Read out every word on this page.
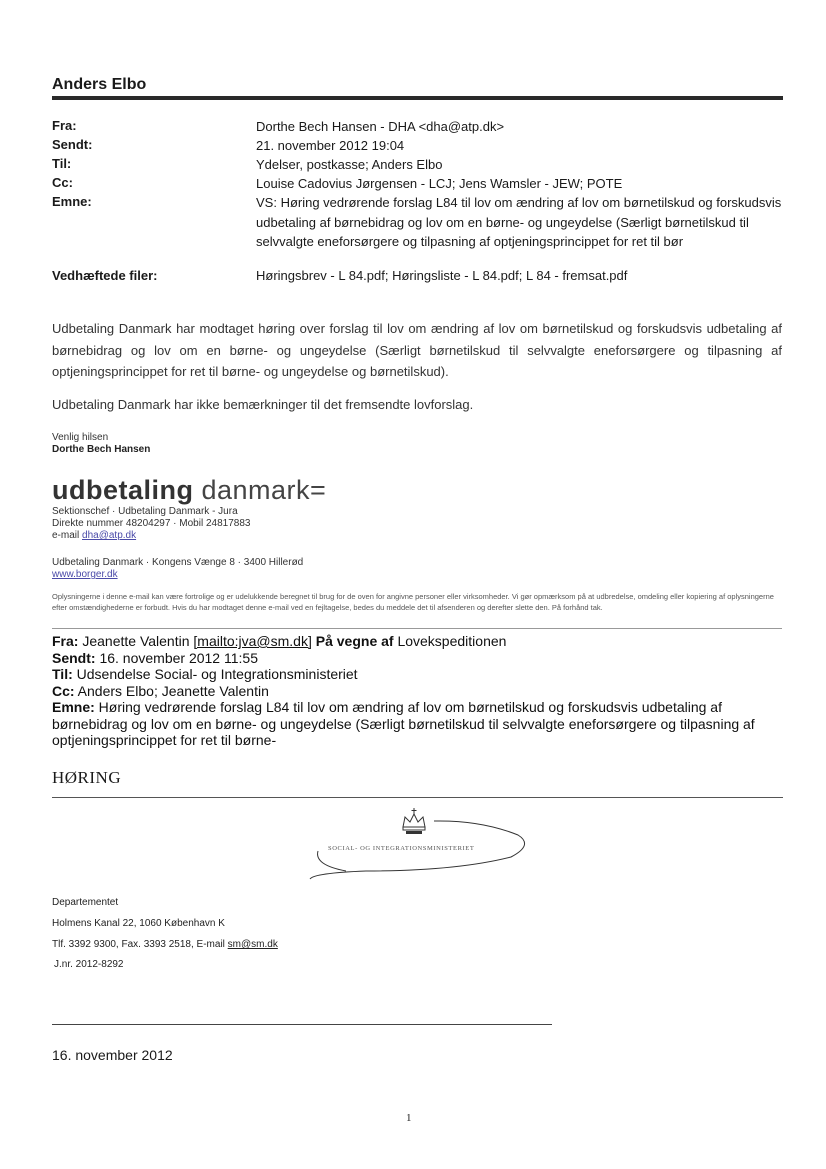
Anders Elbo
Fra:	Dorthe Bech Hansen - DHA <dha@atp.dk>
Sendt:	21. november 2012 19:04
Til:	Ydelser, postkasse; Anders Elbo
Cc:	Louise Cadovius Jørgensen - LCJ; Jens Wamsler - JEW; POTE
Emne:	VS: Høring vedrørende forslag L84 til lov om ændring af lov om børnetilskud og forskudsvis udbetaling af børnebidrag og lov om en børne- og ungeydelse (Særligt børnetilskud til selvvalgte eneforsørgere og tilpasning af optjeningsprincippet for ret til bør
Vedhæftede filer:	Høringsbrev - L 84.pdf; Høringsliste - L 84.pdf; L 84 - fremsat.pdf
Udbetaling Danmark har modtaget høring over forslag til lov om ændring af lov om børnetilskud og forskudsvis udbetaling af børnebidrag og lov om en børne- og ungeydelse (Særligt børnetilskud til selvvalgte eneforsørgere og tilpasning af optjeningsprincippet for ret til børne- og ungeydelse og børnetilskud).
Udbetaling Danmark har ikke bemærkninger til det fremsendte lovforslag.
Venlig hilsen
Dorthe Bech Hansen
udbetaling danmark=
Sektionschef · Udbetaling Danmark - Jura
Direkte nummer 48204297 · Mobil 24817883
e-mail dha@atp.dk
Udbetaling Danmark · Kongens Vænge 8 · 3400 Hillerød
www.borger.dk
Oplysningerne i denne e-mail kan være fortrolige og er udelukkende beregnet til brug for de oven for angivne personer eller virksomheder. Vi gør opmærksom på at udbredelse, omdeling eller kopiering af oplysningerne efter omstændighederne er forbudt. Hvis du har modtaget denne e-mail ved en fejltagelse, bedes du meddele det til afsenderen og derefter slette den. På forhånd tak.
Fra: Jeanette Valentin [mailto:jva@sm.dk] På vegne af Lovekspeditionen
Sendt: 16. november 2012 11:55
Til: Udsendelse Social- og Integrationsministeriet
Cc: Anders Elbo; Jeanette Valentin
Emne: Høring vedrørende forslag L84 til lov om ændring af lov om børnetilskud og forskudsvis udbetaling af børnebidrag og lov om en børne- og ungeydelse (Særligt børnetilskud til selvvalgte eneforsørgere og tilpasning af optjeningsprincippet for ret til børne-
HØRING
SOCIAL- OG INTEGRATIONSMINISTERIET
Departementet
Holmens Kanal 22, 1060 København K
Tlf. 3392 9300, Fax. 3393 2518, E-mail sm@sm.dk
J.nr. 2012-8292
16. november 2012
1
